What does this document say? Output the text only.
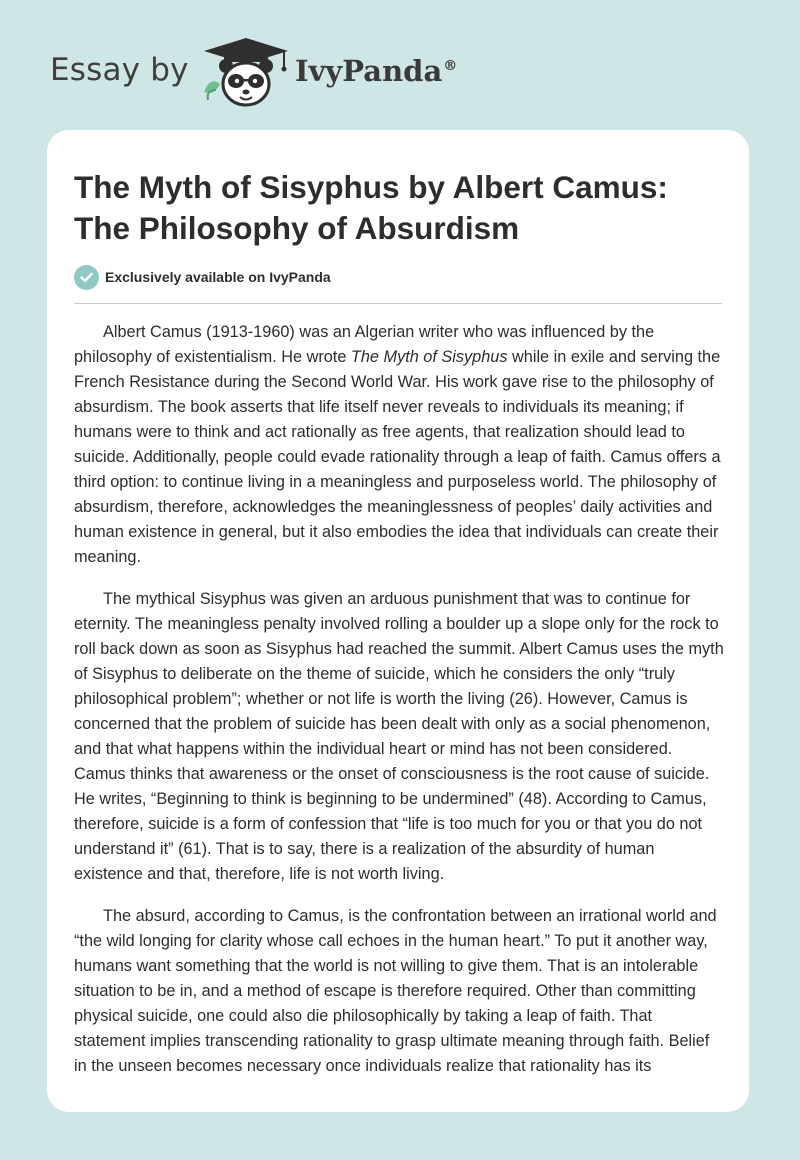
Essay by	IvyPanda®
The Myth of Sisyphus by Albert Camus:
The Philosophy of Absurdism
Exclusively available on IvyPanda

Albert Camus (1913-1960) was an Algerian writer who was influenced by the philosophy of existentialism. He wrote The Myth of Sisyphus while in exile and serving the French Resistance during the Second World War. His work gave rise to the philosophy of absurdism. The book asserts that life itself never reveals to individuals its meaning; if humans were to think and act rationally as free agents, that realization should lead to suicide. Additionally, people could evade rationality through a leap of faith. Camus offers a third option: to continue living in a meaningless and purposeless world. The philosophy of absurdism, therefore, acknowledges the meaninglessness of peoples’ daily activities and human existence in general, but it also embodies the idea that individuals can create their meaning.

The mythical Sisyphus was given an arduous punishment that was to continue for eternity. The meaningless penalty involved rolling a boulder up a slope only for the rock to roll back down as soon as Sisyphus had reached the summit. Albert Camus uses the myth of Sisyphus to deliberate on the theme of suicide, which he considers the only “truly philosophical problem”; whether or not life is worth the living (26). However, Camus is concerned that the problem of suicide has been dealt with only as a social phenomenon, and that what happens within the individual heart or mind has not been considered. Camus thinks that awareness or the onset of consciousness is the root cause of suicide. He writes, “Beginning to think is beginning to be undermined” (48). According to Camus, therefore, suicide is a form of confession that “life is too much for you or that you do not understand it” (61). That is to say, there is a realization of the absurdity of human existence and that, therefore, life is not worth living.

The absurd, according to Camus, is the confrontation between an irrational world and “the wild longing for clarity whose call echoes in the human heart.” To put it another way, humans want something that the world is not willing to give them. That is an intolerable situation to be in, and a method of escape is therefore required. Other than committing physical suicide, one could also die philosophically by taking a leap of faith. That statement implies transcending rationality to grasp ultimate meaning through faith. Belief in the unseen becomes necessary once individuals realize that rationality has its
